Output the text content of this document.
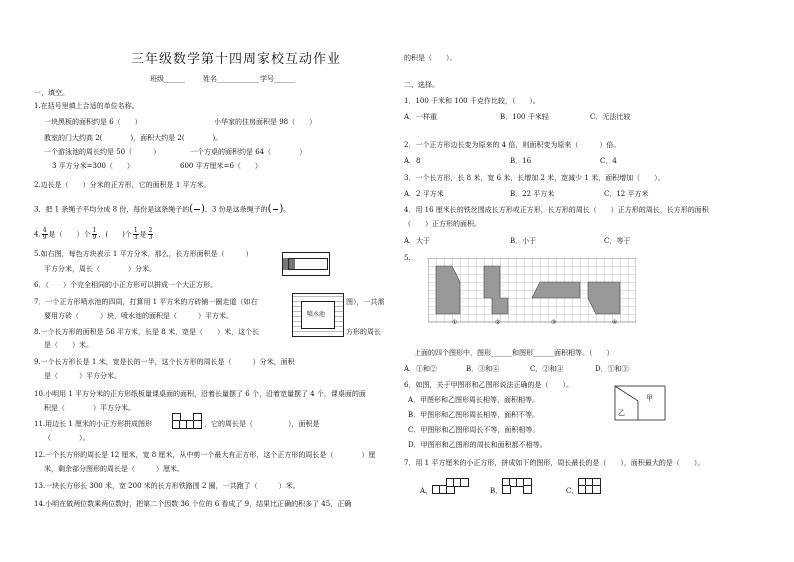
三年级数学第十四周家校互动作业
班级______	姓名____________ 学号______
一、填空。
1.在括号里填上合适的单位名称。
一块黑板的面积约是 6（　　）	小华家的住房面积是 98（　　）
教室的门大约高 2(　　　　)，面积大约是 2(　　　　)。
一个游泳池的周长约是 50（　　　）	一个方桌的面积约是 64（　　　　）
3 平方分米=300（　　）	600 平方厘米=6（　　）
2.边长是（　　）分米的正方形，它的面积是 1 平方米。
3．把 1 条绳子平均分成 8 份，每份是这条绳子的(

)，3 份是这条绳子的(

)。
4. $\frac{4}{9}$ 是（　　）个 $\frac{1}{9}$ ，(　　)个 $\frac{1}{3}$ 是 $\frac{2}{3}$
5.如右图，每色方块表示 1 平方分米，那么，长方形面积是（　　　）
平方分米，周长（　　　　）分米。
6．（　　）个完全相同的小正方形可以拼成一个大正方形。
7．一个正方形喷水池的四周，打算用 1 平方米的方砖铺一圈走道（如右	图），一共需
要用方砖（　　　）块，喷水池的面积是（　　　）平方米。	喷水池
8.一个长方形的面积是 56 平方米，长是 8 米，宽是（　　）米，这个长	方形的周长
是（　　）米。
9.一个长方形长是 1 米，宽是长的一半，这个长方形的周长是（　　　）分米，面积
是（　　　）平方分米。
10.小明用 1 平方分米的正方形纸板量课桌面的面积，沿着长量摆了 6 个，沿着宽量摆了 4 个，课桌面的面
积是（　　　　）平方分米。
11.用边长 1 厘米的小正方形拼成图形	，它的周长是（　　　　　），面积是
（　　　　）。
12.一个长方形的周长是 12 厘米，宽 8 厘米，从中剪一个最大有正方形，这个正方形的周长是（　　　　）厘
米，剩余部分图形的周长是（　　　）厘米。
13.一块长方形长 300 米，宽 200 米的长方形铁路围 2 圈，一共跑了（　　　）米。
14.小明在做两位数乘两位数时，把第二个因数 36 个位的 6 看成了 9，结果比正确的积多了 45，正确
的积是（　　）。
二、选择。
1．100 千米和 100 千克作比较，（　　）。
A．一样重	B．100 千米轻	C．无法比较
2．一个正方形边长变为原来的 4 倍，则面积变为原来（　　　）倍。
A．8	B．16	C．4
3．一个长方形，长 8 米，宽 6 米，长增加 2 米，宽减少 1 米，面积增加（　　）。
A．2 平方米	B．22 平方米	C．12 平方米
4．用 16 厘米长的铁丝围成长方形或正方形，长方形的周长（　　）正方形的周长，长方形的面积
（　　）正方形的面积。
A．大于	B．小于	C．等于
5.
①	②	③	④
上面的四个图形中，图形______和图形______面积相等。（　　）
A．①和②	B．③和④	C．②和④	D．①和③
6．如图，关于甲图形和乙图形说法正确的是（　　）。
A．甲图形和乙图形周长相等，面积相等。
B．甲图形和乙图形周长相等，面积不等。
C．甲图形和乙图形周长不等，面积相等。
D．甲图形和乙图形的周长和面积都不相等。
甲
乙
7．用 1 平方厘米的小正方形，拼成如下的图形，周长最长的是（　　），面积最大的是（　　）。
A、	B、	C、
